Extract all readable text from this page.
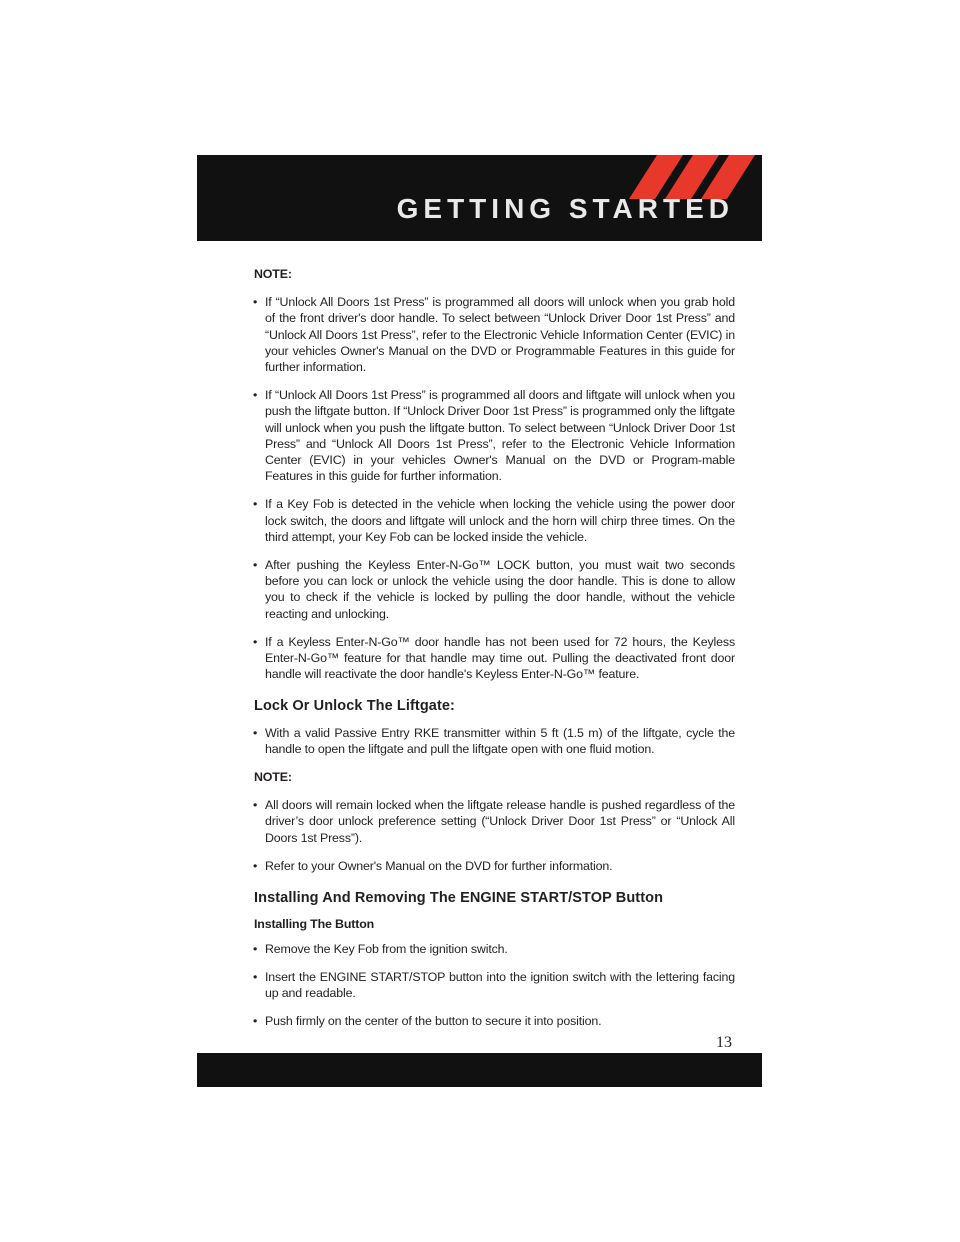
GETTING STARTED

NOTE:

• If “Unlock All Doors 1st Press” is programmed all doors will unlock when you grab hold of the front driver's door handle. To select between “Unlock Driver Door 1st Press” and “Unlock All Doors 1st Press”, refer to the Electronic Vehicle Information Center (EVIC) in your vehicles Owner's Manual on the DVD or Programmable Features in this guide for further information.
• If “Unlock All Doors 1st Press” is programmed all doors and liftgate will unlock when you push the liftgate button. If “Unlock Driver Door 1st Press” is programmed only the liftgate will unlock when you push the liftgate button. To select between “Unlock Driver Door 1st Press” and “Unlock All Doors 1st Press”, refer to the Electronic Vehicle Information Center (EVIC) in your vehicles Owner's Manual on the DVD or Program-mable Features in this guide for further information.
• If a Key Fob is detected in the vehicle when locking the vehicle using the power door lock switch, the doors and liftgate will unlock and the horn will chirp three times. On the third attempt, your Key Fob can be locked inside the vehicle.
• After pushing the Keyless Enter-N-Go™ LOCK button, you must wait two seconds before you can lock or unlock the vehicle using the door handle. This is done to allow you to check if the vehicle is locked by pulling the door handle, without the vehicle reacting and unlocking.
• If a Keyless Enter-N-Go™ door handle has not been used for 72 hours, the Keyless Enter-N-Go™ feature for that handle may time out. Pulling the deactivated front door handle will reactivate the door handle's Keyless Enter-N-Go™ feature.
Lock Or Unlock The Liftgate:
• With a valid Passive Entry RKE transmitter within 5 ft (1.5 m) of the liftgate, cycle the handle to open the liftgate and pull the liftgate open with one fluid motion.

NOTE:

• All doors will remain locked when the liftgate release handle is pushed regardless of the driver’s door unlock preference setting (“Unlock Driver Door 1st Press” or “Unlock All Doors 1st Press”).
• Refer to your Owner's Manual on the DVD for further information.
Installing And Removing The ENGINE START/STOP Button
Installing The Button
• Remove the Key Fob from the ignition switch.
• Insert the ENGINE START/STOP button into the ignition switch with the lettering facing up and readable.
• Push firmly on the center of the button to secure it into position.
13
